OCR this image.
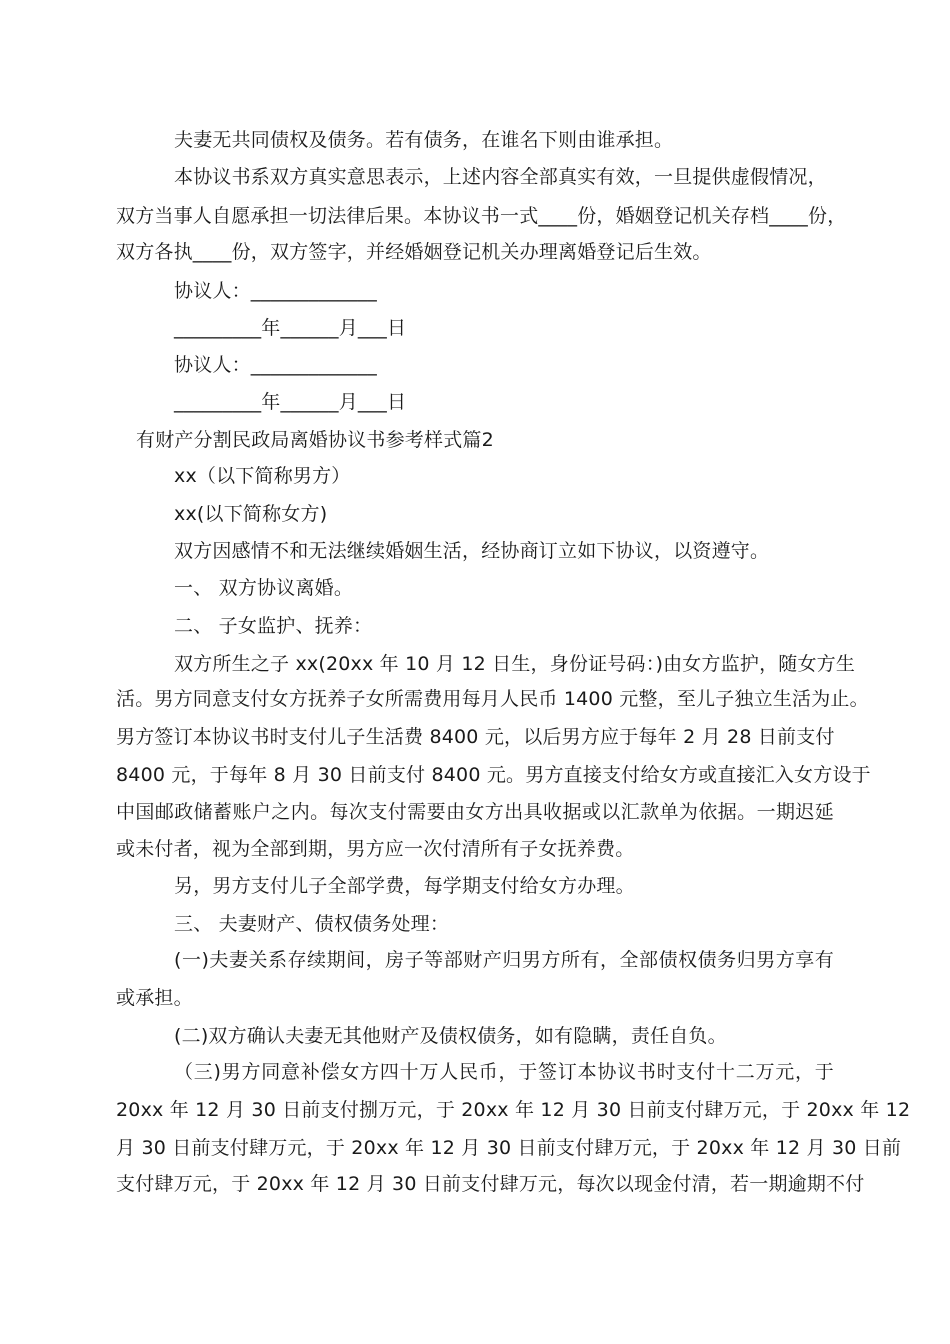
夫妻无共同债权及债务。若有债务，在谁名下则由谁承担。
本协议书系双方真实意思表示，上述内容全部真实有效，一旦提供虚假情况，
双方当事人自愿承担一切法律后果。本协议书一式____份，婚姻登记机关存档____份，
双方各执____份，双方签字，并经婚姻登记机关办理离婚登记后生效。
协议人：_____________
_________年______月___日
协议人：_____________
_________年______月___日
有财产分割民政局离婚协议书参考样式篇2
xx（以下简称男方）
xx(以下简称女方)
双方因感情不和无法继续婚姻生活，经协商订立如下协议，以资遵守。
一、 双方协议离婚。
二、 子女监护、抚养：
双方所生之子 xx(20xx 年 10 月 12 日生，身份证号码：)由女方监护，随女方生
活。男方同意支付女方抚养子女所需费用每月人民币 1400 元整，至儿子独立生活为止。
男方签订本协议书时支付儿子生活费 8400 元，以后男方应于每年 2 月 28 日前支付
8400 元，于每年 8 月 30 日前支付 8400 元。男方直接支付给女方或直接汇入女方设于
中国邮政储蓄账户之内。每次支付需要由女方出具收据或以汇款单为依据。一期迟延
或未付者，视为全部到期，男方应一次付清所有子女抚养费。
另，男方支付儿子全部学费，每学期支付给女方办理。
三、 夫妻财产、债权债务处理：
(一)夫妻关系存续期间，房子等部财产归男方所有，全部债权债务归男方享有
或承担。
(二)双方确认夫妻无其他财产及债权债务，如有隐瞒，责任自负。
（三)男方同意补偿女方四十万人民币，于签订本协议书时支付十二万元，于
20xx 年 12 月 30 日前支付捌万元，于 20xx 年 12 月 30 日前支付肆万元，于 20xx 年 12
月 30 日前支付肆万元，于 20xx 年 12 月 30 日前支付肆万元，于 20xx 年 12 月 30 日前
支付肆万元，于 20xx 年 12 月 30 日前支付肆万元，每次以现金付清，若一期逾期不付
